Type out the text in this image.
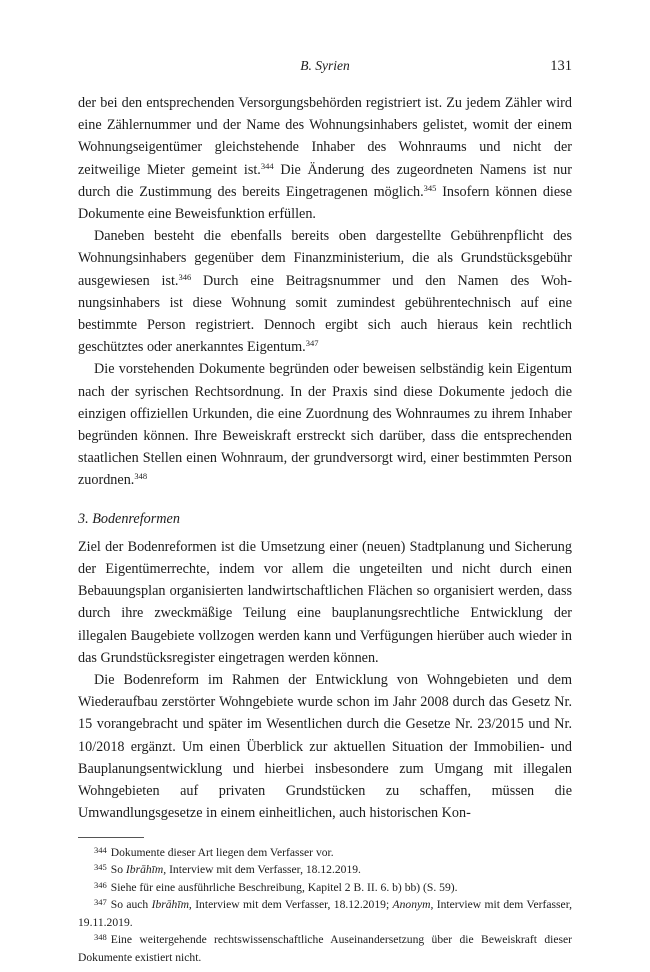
B. Syrien	131

der bei den entsprechenden Versorgungsbehörden registriert ist. Zu jedem Zähler wird eine Zählernummer und der Name des Wohnungsinhabers gelistet, womit der einem Wohnungseigentümer gleichstehende Inhaber des Wohnraums und nicht der zeitweilige Mieter gemeint ist.$^{344}$ Die Änderung des zugeordneten Namens ist nur durch die Zustimmung des bereits Eingetragenen möglich.$^{345}$ Insofern können diese Dokumente eine Beweisfunktion erfüllen.

Daneben besteht die ebenfalls bereits oben dargestellte Gebührenpflicht des Wohnungsinhabers gegenüber dem Finanzministerium, die als Grundstücksgebühr ausgewiesen ist.$^{346}$ Durch eine Beitragsnummer und den Namen des Wohnungsinhabers ist diese Wohnung somit zumindest gebührentechnisch auf eine bestimmte Person registriert. Dennoch ergibt sich auch hieraus kein rechtlich geschütztes oder anerkanntes Eigentum.$^{347}$

Die vorstehenden Dokumente begründen oder beweisen selbständig kein Eigentum nach der syrischen Rechtsordnung. In der Praxis sind diese Dokumente jedoch die einzigen offiziellen Urkunden, die eine Zuordnung des Wohnraumes zu ihrem Inhaber begründen können. Ihre Beweiskraft erstreckt sich darüber, dass die entsprechenden staatlichen Stellen einen Wohnraum, der grundversorgt wird, einer bestimmten Person zuordnen.$^{348}$

3. Bodenreformen

Ziel der Bodenreformen ist die Umsetzung einer (neuen) Stadtplanung und Sicherung der Eigentümerrechte, indem vor allem die ungeteilten und nicht durch einen Bebauungsplan organisierten landwirtschaftlichen Flächen so organisiert werden, dass durch ihre zweckmäßige Teilung eine bauplanungsrechtliche Entwicklung der illegalen Baugebiete vollzogen werden kann und Verfügungen hierüber auch wieder in das Grundstücksregister eingetragen werden können.

Die Bodenreform im Rahmen der Entwicklung von Wohngebieten und dem Wiederaufbau zerstörter Wohngebiete wurde schon im Jahr 2008 durch das Gesetz Nr. 15 vorangebracht und später im Wesentlichen durch die Gesetze Nr. 23/2015 und Nr. 10/2018 ergänzt. Um einen Überblick zur aktuellen Situation der Immobilien- und Bauplanungsentwicklung und hierbei insbesondere zum Umgang mit illegalen Wohngebieten auf privaten Grundstücken zu schaffen, müssen die Umwandlungsgesetze in einem einheitlichen, auch historischen Kon-

$^{344}$ Dokumente dieser Art liegen dem Verfasser vor.
$^{345}$ So Ibrāhīm, Interview mit dem Verfasser, 18.12.2019.
$^{346}$ Siehe für eine ausführliche Beschreibung, Kapitel 2 B. II. 6. b) bb) (S. 59).
$^{347}$ So auch Ibrāhīm, Interview mit dem Verfasser, 18.12.2019; Anonym, Interview mit dem Verfasser, 19.11.2019.
$^{348}$ Eine weitergehende rechtswissenschaftliche Auseinandersetzung über die Beweiskraft dieser Dokumente existiert nicht.
